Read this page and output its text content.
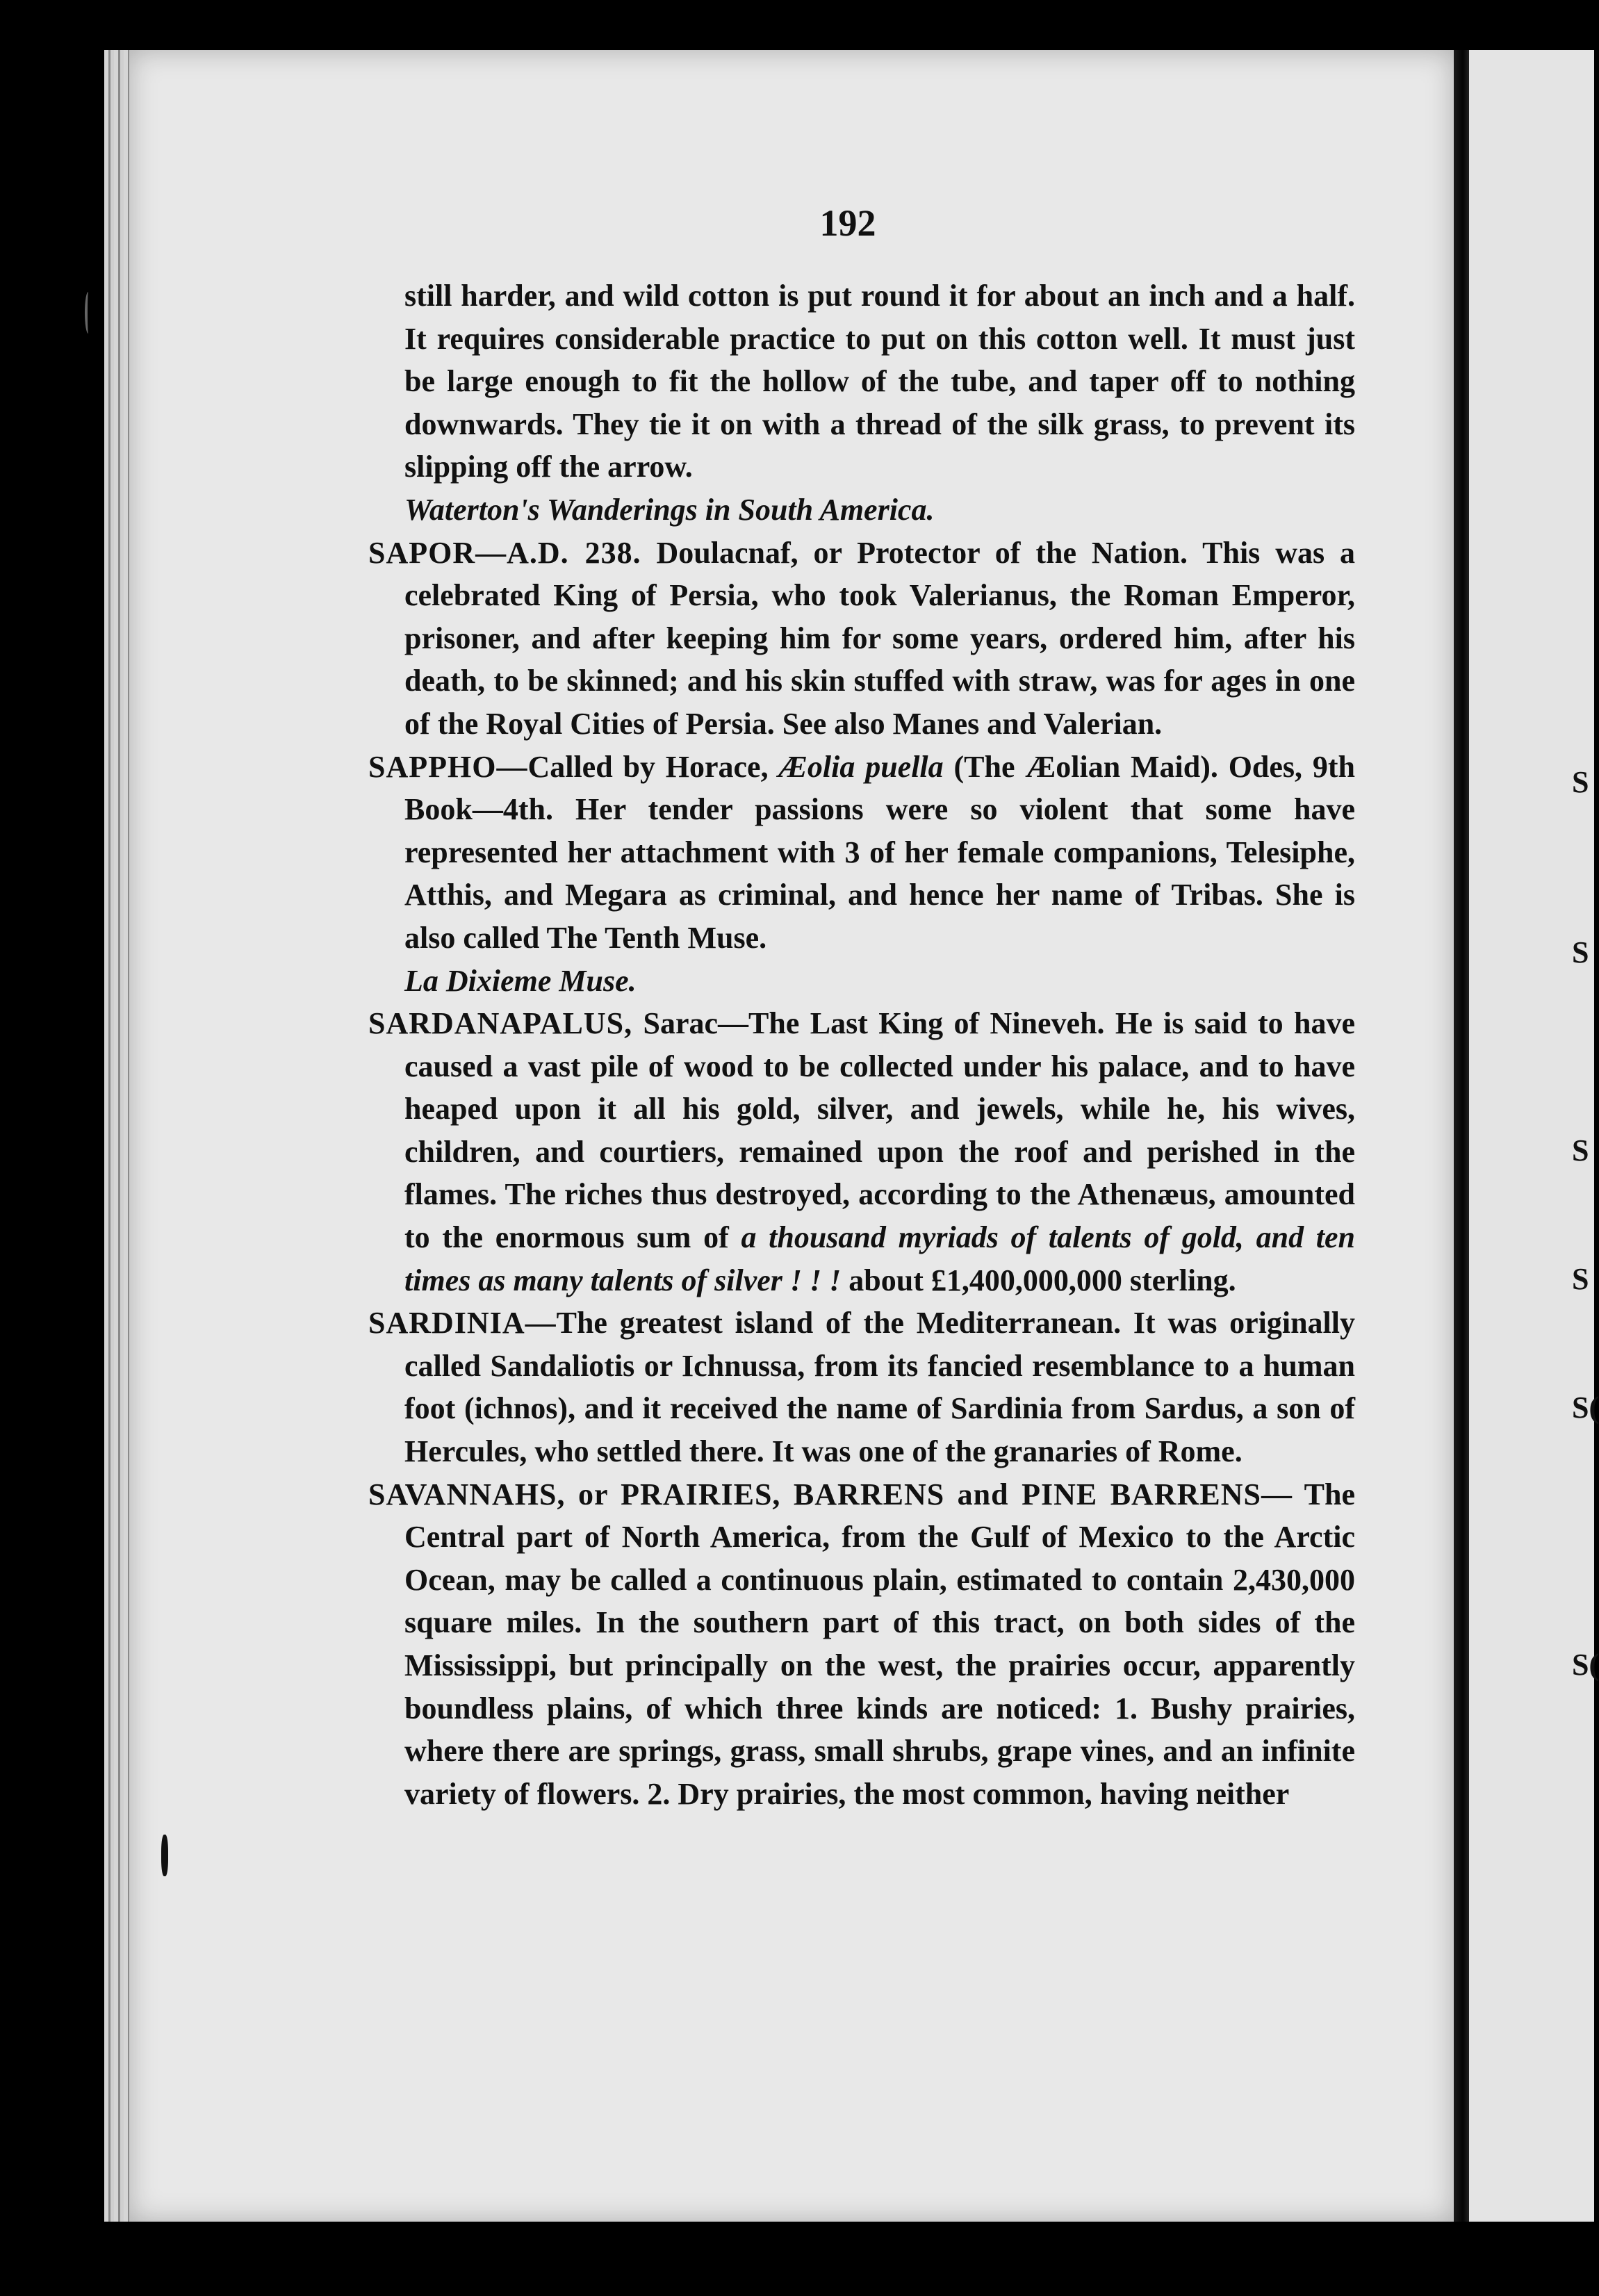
192

still harder, and wild cotton is put round it for about an inch and a half. It requires considerable practice to put on this cotton well. It must just be large enough to fit the hollow of the tube, and taper off to nothing downwards. They tie it on with a thread of the silk grass, to prevent its slipping off the arrow.
Waterton's Wanderings in South America.

SAPOR—A.D. 238. Doulacnaf, or Protector of the Nation. This was a celebrated King of Persia, who took Valerianus, the Roman Emperor, prisoner, and after keeping him for some years, ordered him, after his death, to be skinned; and his skin stuffed with straw, was for ages in one of the Royal Cities of Persia. See also Manes and Valerian.

SAPPHO—Called by Horace, Æolia puella (The Æolian Maid). Odes, 9th Book—4th. Her tender passions were so violent that some have represented her attachment with 3 of her female companions, Telesiphe, Atthis, and Megara as criminal, and hence her name of Tribas. She is also called The Tenth Muse.
La Dixieme Muse.

SARDANAPALUS, Sarac—The Last King of Nineveh. He is said to have caused a vast pile of wood to be collected under his palace, and to have heaped upon it all his gold, silver, and jewels, while he, his wives, children, and courtiers, remained upon the roof and perished in the flames. The riches thus destroyed, according to the Athenæus, amounted to the enormous sum of a thousand myriads of talents of gold, and ten times as many talents of silver ! ! ! about £1,400,000,000 sterling.

SARDINIA—The greatest island of the Mediterranean. It was originally called Sandaliotis or Ichnussa, from its fancied resemblance to a human foot (ichnos), and it received the name of Sardinia from Sardus, a son of Hercules, who settled there. It was one of the granaries of Rome.

SAVANNAHS, or PRAIRIES, BARRENS and PINE BARRENS— The Central part of North America, from the Gulf of Mexico to the Arctic Ocean, may be called a continuous plain, estimated to contain 2,430,000 square miles. In the southern part of this tract, on both sides of the Mississippi, but principally on the west, the prairies occur, apparently boundless plains, of which three kinds are noticed: 1. Bushy prairies, where there are springs, grass, small shrubs, grape vines, and an infinite variety of flowers. 2. Dry prairies, the most common, having neither

S
S
S
S
S(
S(
